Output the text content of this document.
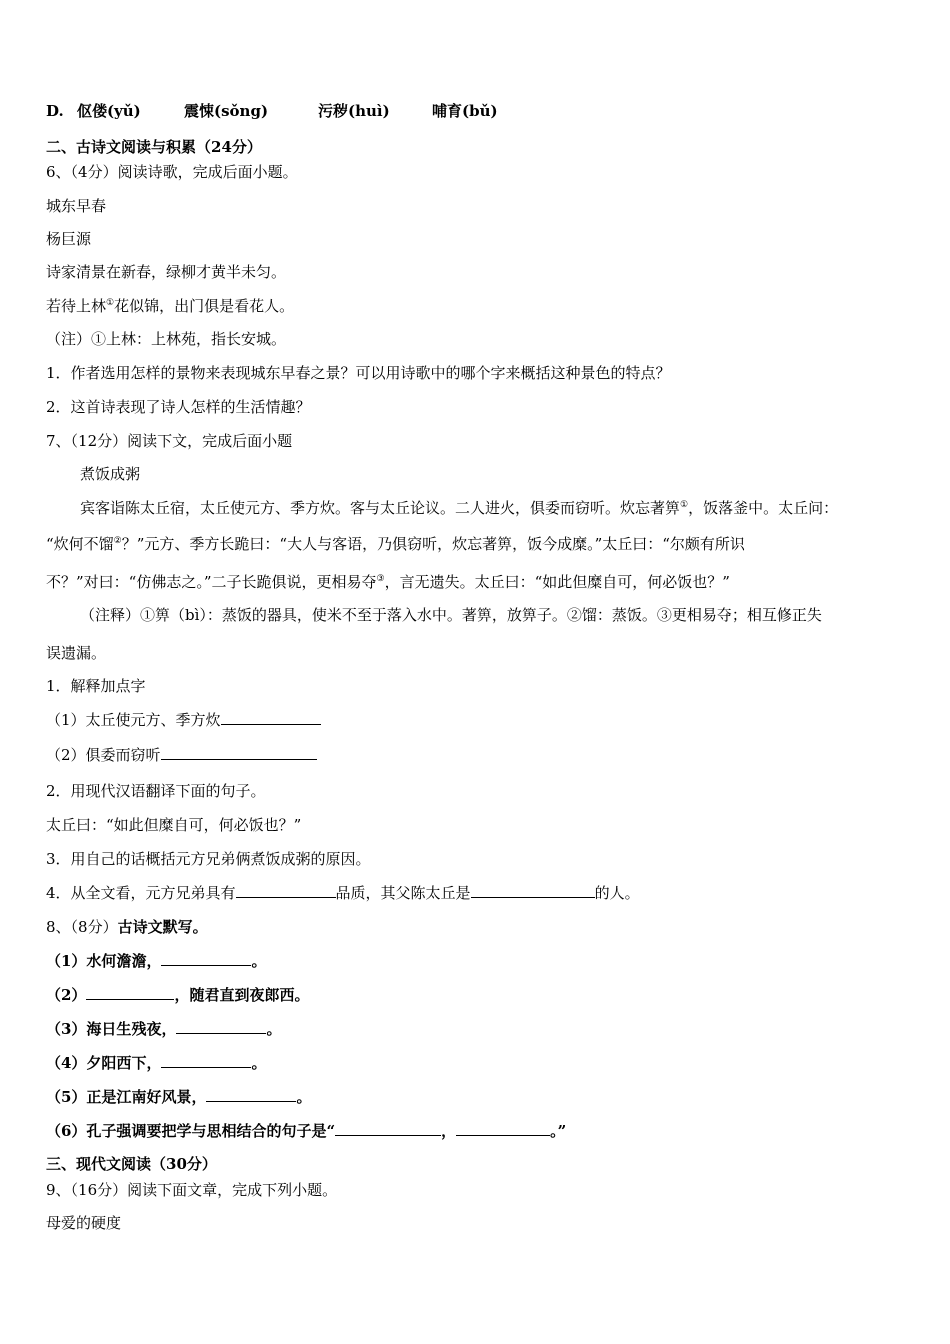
D. 伛偻(yǔ)	震悚(sǒng)	污秽(huì)	哺育(bǔ)
二、古诗文阅读与积累（24分）
6、（4分）阅读诗歌，完成后面小题。
城东早春
杨巨源
诗家清景在新春，绿柳才黄半未匀。
若待上林①花似锦，出门俱是看花人。
（注）①上林：上林苑，指长安城。
1．作者选用怎样的景物来表现城东早春之景？可以用诗歌中的哪个字来概括这种景色的特点？
2．这首诗表现了诗人怎样的生活情趣？
7、（12分）阅读下文，完成后面小题
煮饭成粥
宾客诣陈太丘宿，太丘使元方、季方炊。客与太丘论议。二人进火，俱委而窃听。炊忘著箅①，饭落釜中。太丘问：
“炊何不馏②？”元方、季方长跪曰：“大人与客语，乃俱窃听，炊忘著箅，饭今成糜。”太丘曰：“尔颇有所识
不？”对曰：“仿佛志之。”二子长跪俱说，更相易夺③，言无遗失。太丘曰：“如此但糜自可，何必饭也？”
（注释）①箅（bì）：蒸饭的器具，使米不至于落入水中。著箅，放箅子。②馏：蒸饭。③更相易夺；相互修正失
误遗漏。
1．解释加点字
（1）太丘使元方、季方炊
（2）俱委而窃听
2．用现代汉语翻译下面的句子。
太丘曰：“如此但糜自可，何必饭也？”
3．用自己的话概括元方兄弟俩煮饭成粥的原因。
4．从全文看，元方兄弟具有	品质，其父陈太丘是	的人。
8、（8分）古诗文默写。
（1）水何澹澹，	。
（2）	，随君直到夜郎西。
（3）海日生残夜，	。
（4）夕阳西下，	。
（5）正是江南好风景，	。
（6）孔子强调要把学与思相结合的句子是“	，	。”
三、现代文阅读（30分）
9、（16分）阅读下面文章，完成下列小题。
母爱的硬度
